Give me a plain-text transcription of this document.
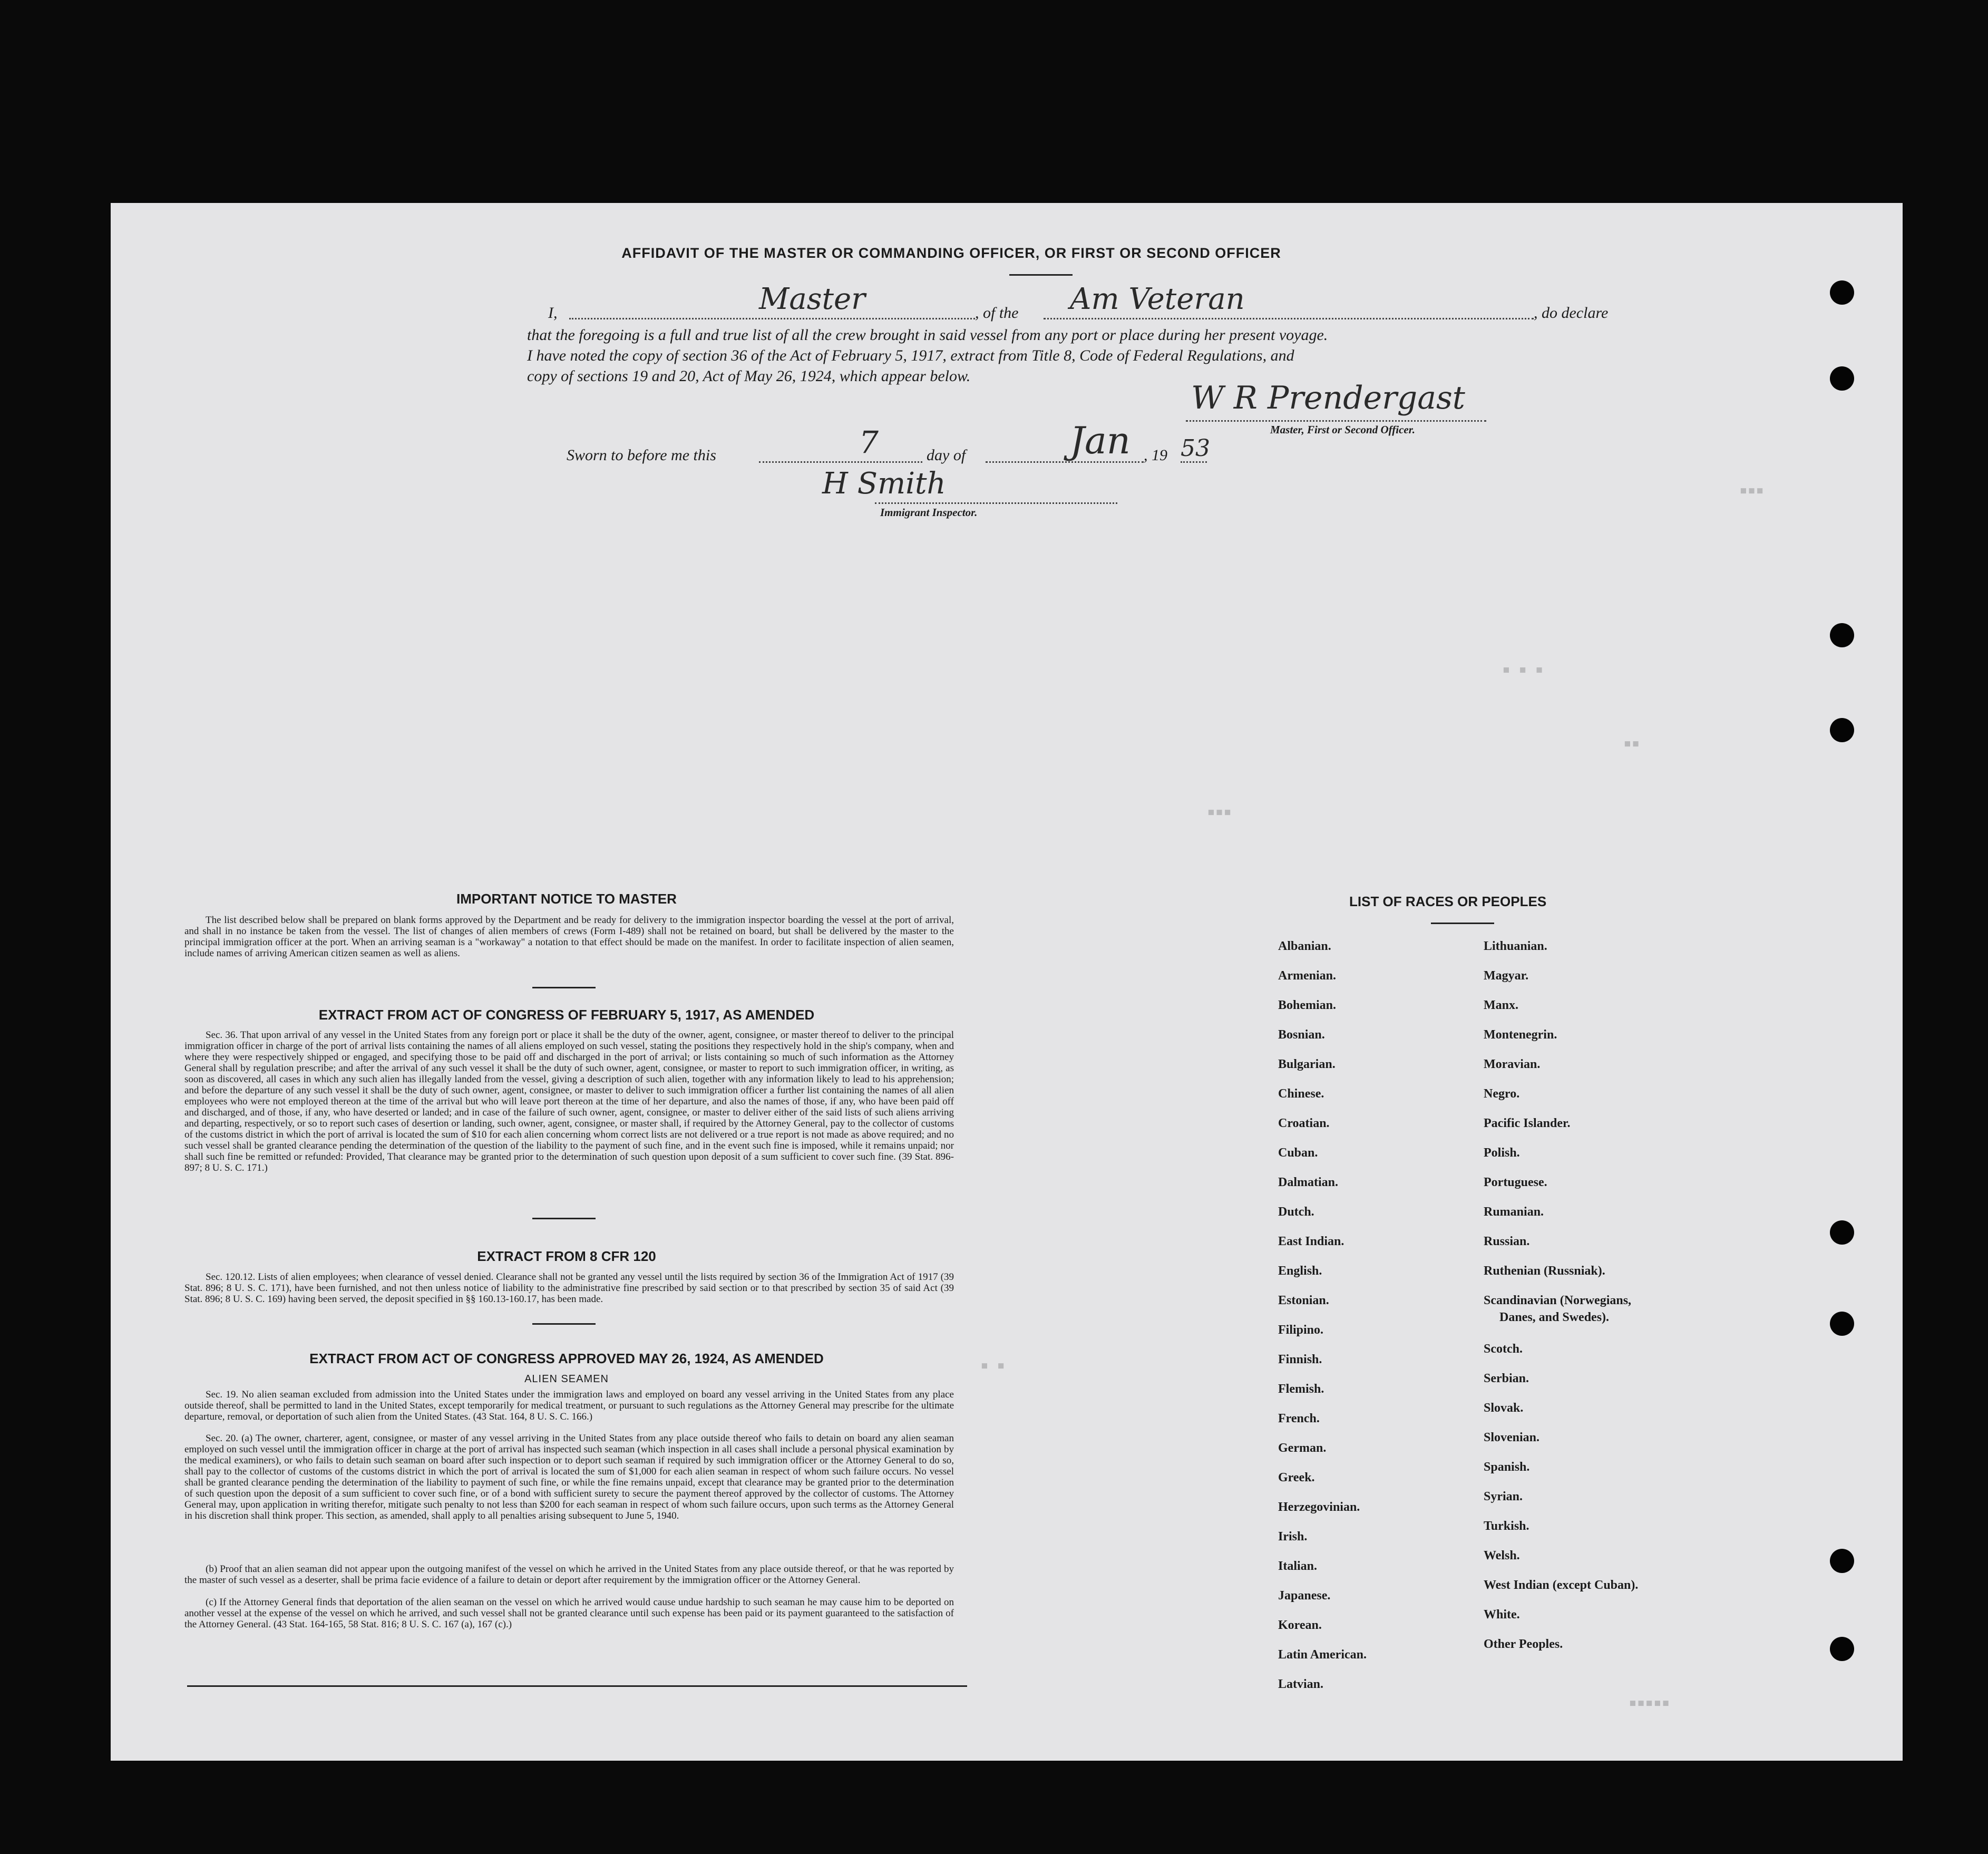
AFFIDAVIT OF THE MASTER OR COMMANDING OFFICER, OR FIRST OR SECOND OFFICER
I,	Master	, of the Am Veteran	, do declare
that the foregoing is a full and true list of all the crew brought in said vessel from any port or place during her present voyage.
I have noted the copy of section 36 of the Act of February 5, 1917, extract from Title 8, Code of Federal Regulations, and
copy of sections 19 and 20, Act of May 26, 1924, which appear below.
W R Prendergast
Master, First or Second Officer.
Sworn to before me this	7	day of	Jan , 19 53
H Smith
Immigrant Inspector.
▪▪▪
▪ ▪ ▪
▪▪
▪▪▪
▪ ▪
▪▪▪▪▪
IMPORTANT NOTICE TO MASTER
The list described below shall be prepared on blank forms approved by the Department and be ready for delivery to the immigration inspector boarding the vessel at the port of arrival, and shall in no instance be taken from the vessel. The list of changes of alien members of crews (Form I-489) shall not be retained on board, but shall be delivered by the master to the principal immigration officer at the port. When an arriving seaman is a "workaway" a notation to that effect should be made on the manifest. In order to facilitate inspection of alien seamen, include names of arriving American citizen seamen as well as aliens.
EXTRACT FROM ACT OF CONGRESS OF FEBRUARY 5, 1917, AS AMENDED
Sec. 36. That upon arrival of any vessel in the United States from any foreign port or place it shall be the duty of the owner, agent, consignee, or master thereof to deliver to the principal immigration officer in charge of the port of arrival lists containing the names of all aliens employed on such vessel, stating the positions they respectively hold in the ship's company, when and where they were respectively shipped or engaged, and specifying those to be paid off and discharged in the port of arrival; or lists containing so much of such information as the Attorney General shall by regulation prescribe; and after the arrival of any such vessel it shall be the duty of such owner, agent, consignee, or master to report to such immigration officer, in writing, as soon as discovered, all cases in which any such alien has illegally landed from the vessel, giving a description of such alien, together with any information likely to lead to his apprehension; and before the departure of any such vessel it shall be the duty of such owner, agent, consignee, or master to deliver to such immigration officer a further list containing the names of all alien employees who were not employed thereon at the time of the arrival but who will leave port thereon at the time of her departure, and also the names of those, if any, who have been paid off and discharged, and of those, if any, who have deserted or landed; and in case of the failure of such owner, agent, consignee, or master to deliver either of the said lists of such aliens arriving and departing, respectively, or so to report such cases of desertion or landing, such owner, agent, consignee, or master shall, if required by the Attorney General, pay to the collector of customs of the customs district in which the port of arrival is located the sum of $10 for each alien concerning whom correct lists are not delivered or a true report is not made as above required; and no such vessel shall be granted clearance pending the determination of the question of the liability to the payment of such fine, and in the event such fine is imposed, while it remains unpaid; nor shall such fine be remitted or refunded: Provided, That clearance may be granted prior to the determination of such question upon deposit of a sum sufficient to cover such fine. (39 Stat. 896-897; 8 U. S. C. 171.)
EXTRACT FROM 8 CFR 120
Sec. 120.12. Lists of alien employees; when clearance of vessel denied. Clearance shall not be granted any vessel until the lists required by section 36 of the Immigration Act of 1917 (39 Stat. 896; 8 U. S. C. 171), have been furnished, and not then unless notice of liability to the administrative fine prescribed by said section or to that prescribed by section 35 of said Act (39 Stat. 896; 8 U. S. C. 169) having been served, the deposit specified in §§ 160.13-160.17, has been made.
EXTRACT FROM ACT OF CONGRESS APPROVED MAY 26, 1924, AS AMENDED
ALIEN SEAMEN
Sec. 19. No alien seaman excluded from admission into the United States under the immigration laws and employed on board any vessel arriving in the United States from any place outside thereof, shall be permitted to land in the United States, except temporarily for medical treatment, or pursuant to such regulations as the Attorney General may prescribe for the ultimate departure, removal, or deportation of such alien from the United States. (43 Stat. 164, 8 U. S. C. 166.)
Sec. 20. (a) The owner, charterer, agent, consignee, or master of any vessel arriving in the United States from any place outside thereof who fails to detain on board any alien seaman employed on such vessel until the immigration officer in charge at the port of arrival has inspected such seaman (which inspection in all cases shall include a personal physical examination by the medical examiners), or who fails to detain such seaman on board after such inspection or to deport such seaman if required by such immigration officer or the Attorney General to do so, shall pay to the collector of customs of the customs district in which the port of arrival is located the sum of $1,000 for each alien seaman in respect of whom such failure occurs. No vessel shall be granted clearance pending the determination of the liability to payment of such fine, or while the fine remains unpaid, except that clearance may be granted prior to the determination of such question upon the deposit of a sum sufficient to cover such fine, or of a bond with sufficient surety to secure the payment thereof approved by the collector of customs. The Attorney General may, upon application in writing therefor, mitigate such penalty to not less than $200 for each seaman in respect of whom such failure occurs, upon such terms as the Attorney General in his discretion shall think proper. This section, as amended, shall apply to all penalties arising subsequent to June 5, 1940.
(b) Proof that an alien seaman did not appear upon the outgoing manifest of the vessel on which he arrived in the United States from any place outside thereof, or that he was reported by the master of such vessel as a deserter, shall be prima facie evidence of a failure to detain or deport after requirement by the immigration officer or the Attorney General.
(c) If the Attorney General finds that deportation of the alien seaman on the vessel on which he arrived would cause undue hardship to such seaman he may cause him to be deported on another vessel at the expense of the vessel on which he arrived, and such vessel shall not be granted clearance until such expense has been paid or its payment guaranteed to the satisfaction of the Attorney General. (43 Stat. 164-165, 58 Stat. 816; 8 U. S. C. 167 (a), 167 (c).)
LIST OF RACES OR PEOPLES
Albanian.
Armenian.
Bohemian.
Bosnian.
Bulgarian.
Chinese.
Croatian.
Cuban.
Dalmatian.
Dutch.
East Indian.
English.
Estonian.
Filipino.
Finnish.
Flemish.
French.
German.
Greek.
Herzegovinian.
Irish.
Italian.
Japanese.
Korean.
Latin American.
Latvian.
Lithuanian.
Magyar.
Manx.
Montenegrin.
Moravian.
Negro.
Pacific Islander.
Polish.
Portuguese.
Rumanian.
Russian.
Ruthenian (Russniak).
Scandinavian (Norwegians,
Danes, and Swedes).
Scotch.
Serbian.
Slovak.
Slovenian.
Spanish.
Syrian.
Turkish.
Welsh.
West Indian (except Cuban).
White.
Other Peoples.
